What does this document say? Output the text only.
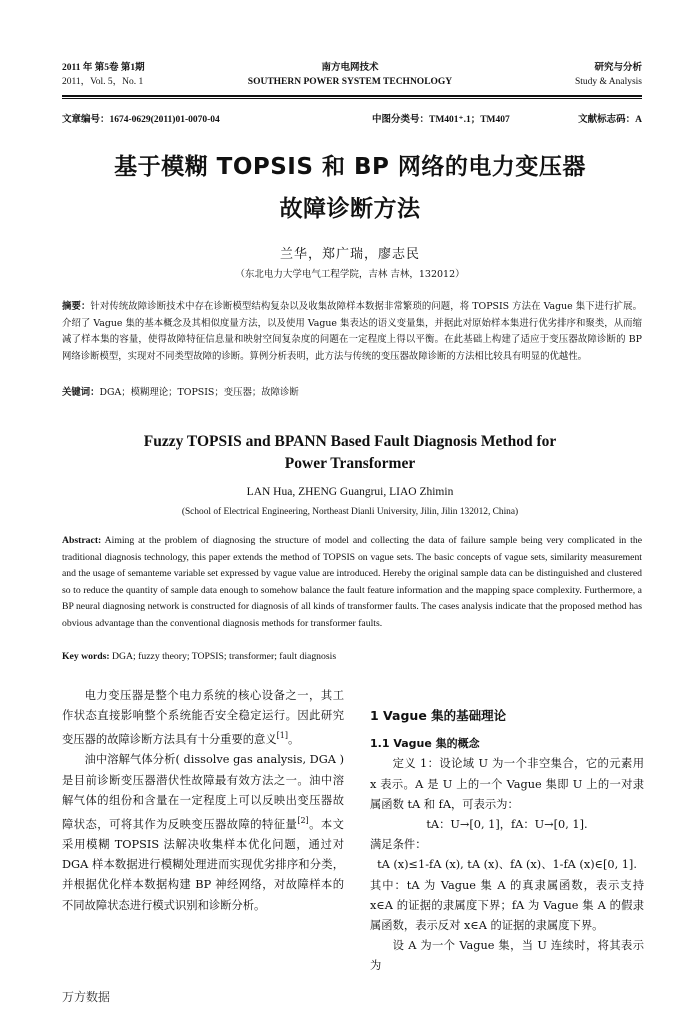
2011 年 第5卷 第1期
2011，Vol. 5，No. 1
南方电网技术
SOUTHERN POWER SYSTEM TECHNOLOGY
研究与分析
Study & Analysis
文章编号：1674-0629(2011)01-0070-04	中图分类号：TM401⁺.1；TM407	文献标志码：A
基于模糊 TOPSIS 和 BP 网络的电力变压器
故障诊断方法
兰华，郑广瑞，廖志民
（东北电力大学电气工程学院，吉林 吉林，132012）
摘要：针对传统故障诊断技术中存在诊断模型结构复杂以及收集故障样本数据非常繁琐的问题，将 TOPSIS 方法在 Vague 集下进行扩展。介绍了 Vague 集的基本概念及其相似度量方法，以及使用 Vague 集表达的语义变量集，并据此对原始样本集进行优劣排序和聚类，从而缩减了样本集的容量，使得故障特征信息量和映射空间复杂度的问题在一定程度上得以平衡。在此基础上构建了适应于变压器故障诊断的 BP 网络诊断模型，实现对不同类型故障的诊断。算例分析表明，此方法与传统的变压器故障诊断的方法相比较具有明显的优越性。
关键词：DGA；模糊理论；TOPSIS；变压器；故障诊断
Fuzzy TOPSIS and BPANN Based Fault Diagnosis Method for
Power Transformer
LAN Hua, ZHENG Guangrui, LIAO Zhimin
(School of Electrical Engineering, Northeast Dianli University, Jilin, Jilin 132012, China)
Abstract: Aiming at the problem of diagnosing the structure of model and collecting the data of failure sample being very complicated in the traditional diagnosis technology, this paper extends the method of TOPSIS on vague sets. The basic concepts of vague sets, similarity measurement and the usage of semanteme variable set expressed by vague value are introduced. Hereby the original sample data can be distinguished and clustered so to reduce the quantity of sample data enough to somehow balance the fault feature information and the mapping space complexity. Furthermore, a BP neural diagnosing network is constructed for diagnosis of all kinds of transformer faults. The cases analysis indicate that the proposed method has obvious advantage than the conventional diagnosis methods for transformer faults.
Key words: DGA; fuzzy theory; TOPSIS; transformer; fault diagnosis

电力变压器是整个电力系统的核心设备之一，其工作状态直接影响整个系统能否安全稳定运行。因此研究变压器的故障诊断方法具有十分重要的意义[1]。

油中溶解气体分析( dissolve gas analysis, DGA )是目前诊断变压器潜伏性故障最有效方法之一。油中溶解气体的组份和含量在一定程度上可以反映出变压器故障状态，可将其作为反映变压器故障的特征量[2]。本文采用模糊 TOPSIS 法解决收集样本优化问题，通过对 DGA 样本数据进行模糊处理进而实现优劣排序和分类，并根据优化样本数据构建 BP 神经网络，对故障样本的不同故障状态进行模式识别和诊断分析。

1 Vague 集的基础理论

1.1 Vague 集的概念

定义 1：设论域 U 为一个非空集合，它的元素用 x 表示。A 是 U 上的一个 Vague 集即 U 上的一对隶属函数 tA 和 fA，可表示为：

tA：U→[0, 1]，fA：U→[0, 1].

满足条件：

tA (x)≤1-fA (x), tA (x)、fA (x)、1-fA (x)∈[0, 1].

其中：tA 为 Vague 集 A 的真隶属函数，表示支持 x∈A 的证据的隶属度下界；fA 为 Vague 集 A 的假隶属函数，表示反对 x∈A 的证据的隶属度下界。

设 A 为一个 Vague 集，当 U 连续时，将其表示为

万方数据
